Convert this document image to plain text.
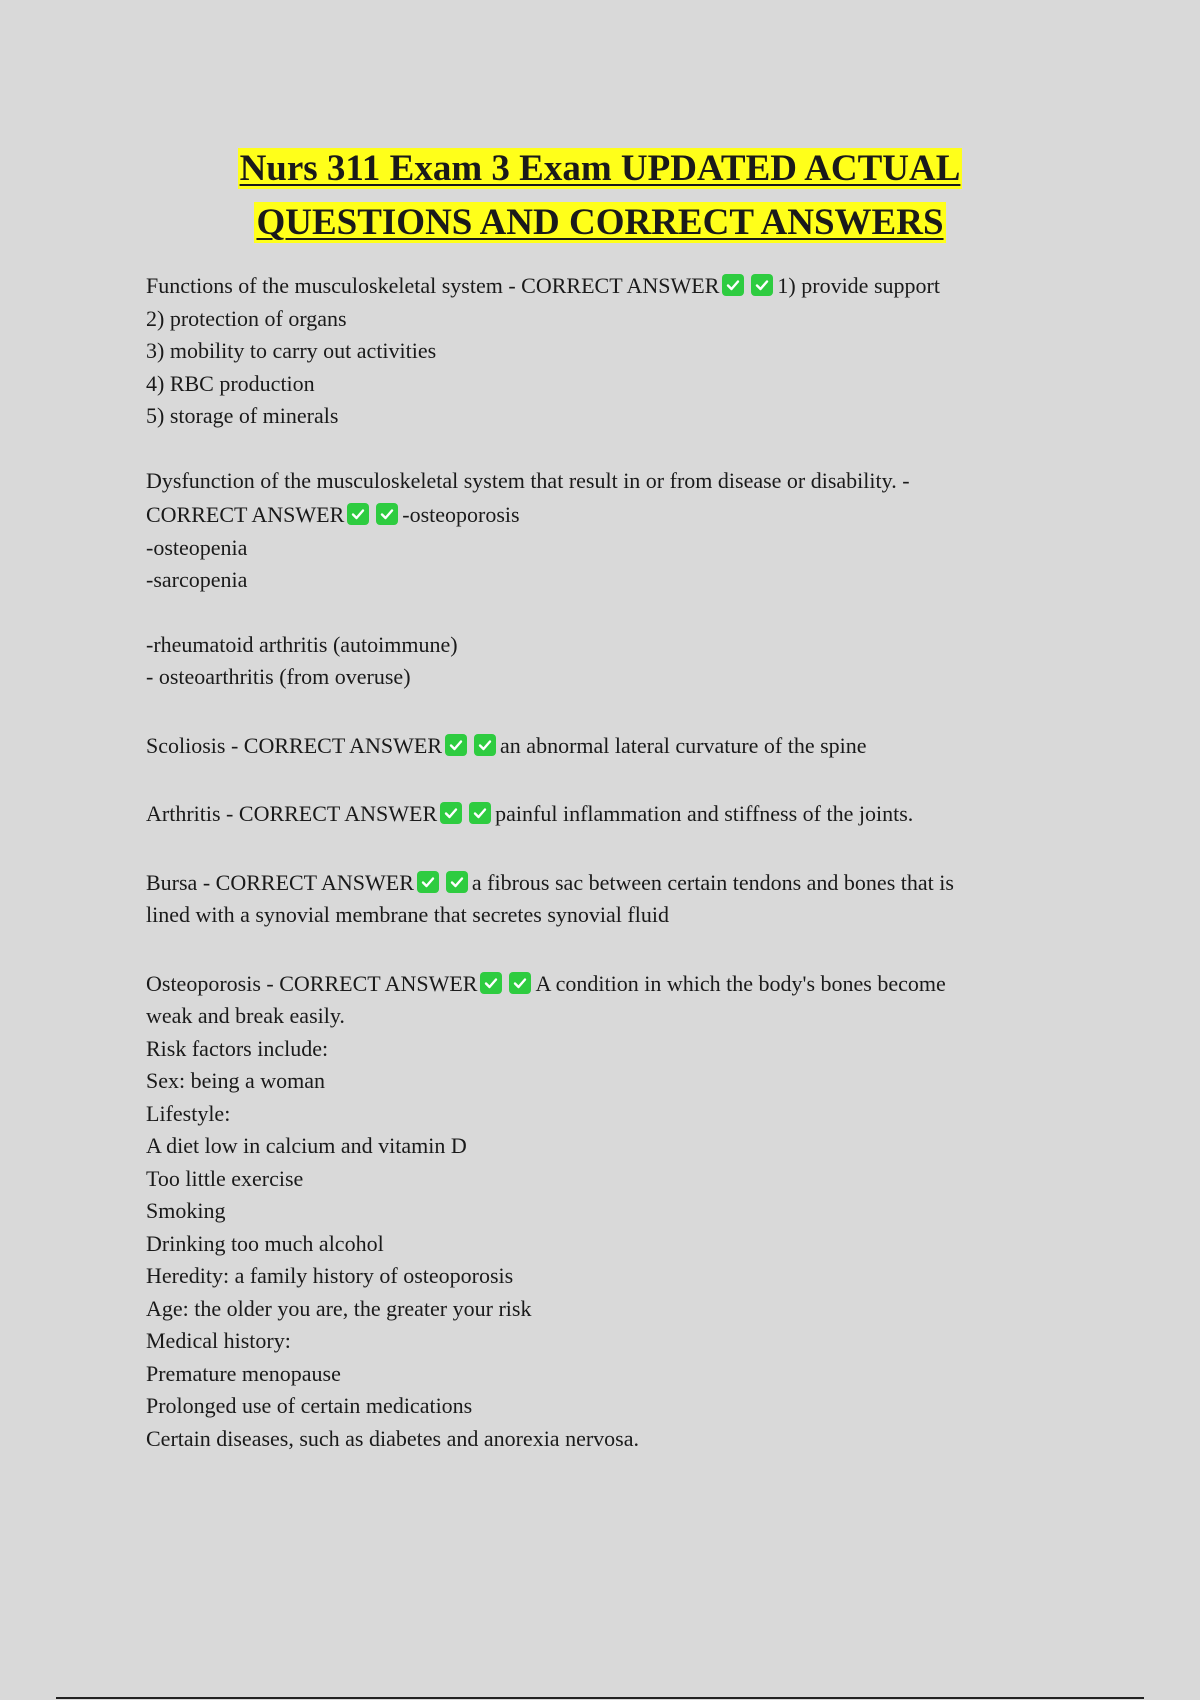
Nurs 311 Exam 3 Exam UPDATED ACTUAL
QUESTIONS AND CORRECT ANSWERS
Functions of the musculoskeletal system - CORRECT ANSWER	1) provide support
2) protection of organs
3) mobility to carry out activities
4) RBC production
5) storage of minerals
Dysfunction of the musculoskeletal system that result in or from disease or disability. -
CORRECT ANSWER	-osteoporosis
-osteopenia
-sarcopenia
-rheumatoid arthritis (autoimmune)
- osteoarthritis (from overuse)
Scoliosis - CORRECT ANSWER	an abnormal lateral curvature of the spine
Arthritis - CORRECT ANSWER	painful inflammation and stiffness of the joints.
Bursa - CORRECT ANSWER	a fibrous sac between certain tendons and bones that is
lined with a synovial membrane that secretes synovial fluid
Osteoporosis - CORRECT ANSWER	A condition in which the body's bones become
weak and break easily.
Risk factors include:
Sex: being a woman
Lifestyle:
A diet low in calcium and vitamin D
Too little exercise
Smoking
Drinking too much alcohol
Heredity: a family history of osteoporosis
Age: the older you are, the greater your risk
Medical history:
Premature menopause
Prolonged use of certain medications
Certain diseases, such as diabetes and anorexia nervosa.
